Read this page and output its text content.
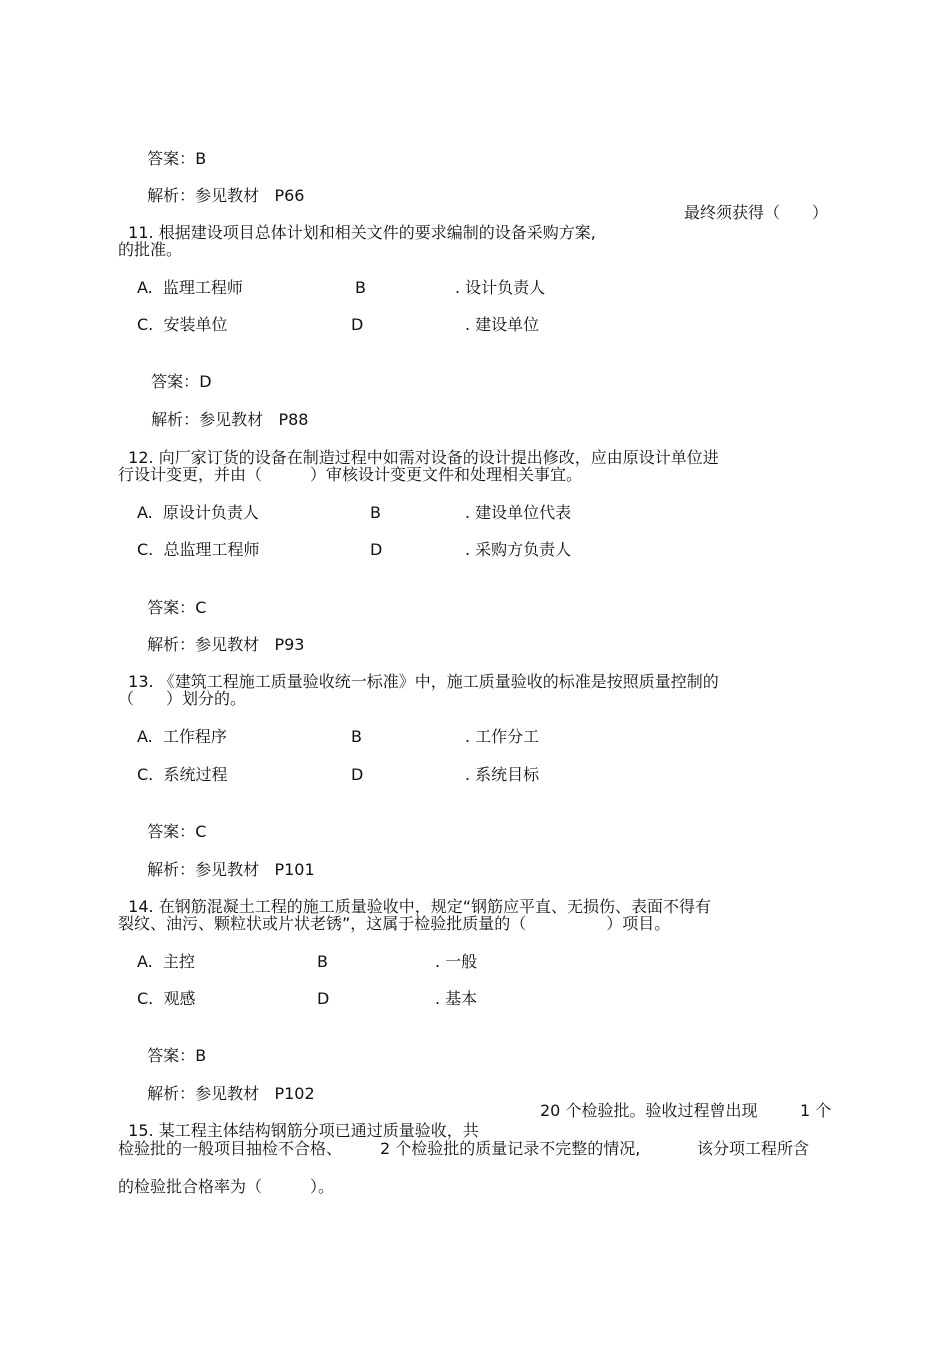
答案：B

解析：参见教材 P66

11. 根据建设项目总体计划和相关文件的要求编制的设备采购方案,

最终须获得（　　）
的批准。
A. 监理工程师	B	. 设计负责人
C. 安装单位	D	. 建设单位

答案：D

解析：参见教材 P88

12. 向厂家订货的设备在制造过程中如需对设备的设计提出修改，应由原设计单位进

行设计变更，并由（　　　）审核设计变更文件和处理相关事宜。
A. 原设计负责人	B	. 建设单位代表
C. 总监理工程师	D	. 采购方负责人

答案：C

解析：参见教材 P93

13. 《建筑工程施工质量验收统一标准》中，施工质量验收的标准是按照质量控制的

（　　）划分的。
A. 工作程序	B	. 工作分工
C. 系统过程	D	. 系统目标

答案：C

解析：参见教材 P101

14. 在钢筋混凝土工程的施工质量验收中，规定“钢筋应平直、无损伤、表面不得有

裂纹、油污、颗粒状或片状老锈”，这属于检验批质量的（　　　　　）项目。
A. 主控	B	. 一般
C. 观感	D	. 基本

答案：B

解析：参见教材 P102

15. 某工程主体结构钢筋分项已通过质量验收，共

20 个检验批。验收过程曾出现	1 个
检验批的一般项目抽检不合格、 2 个检验批的质量记录不完整的情况,	该分项工程所含
的检验批合格率为（　　　）。
